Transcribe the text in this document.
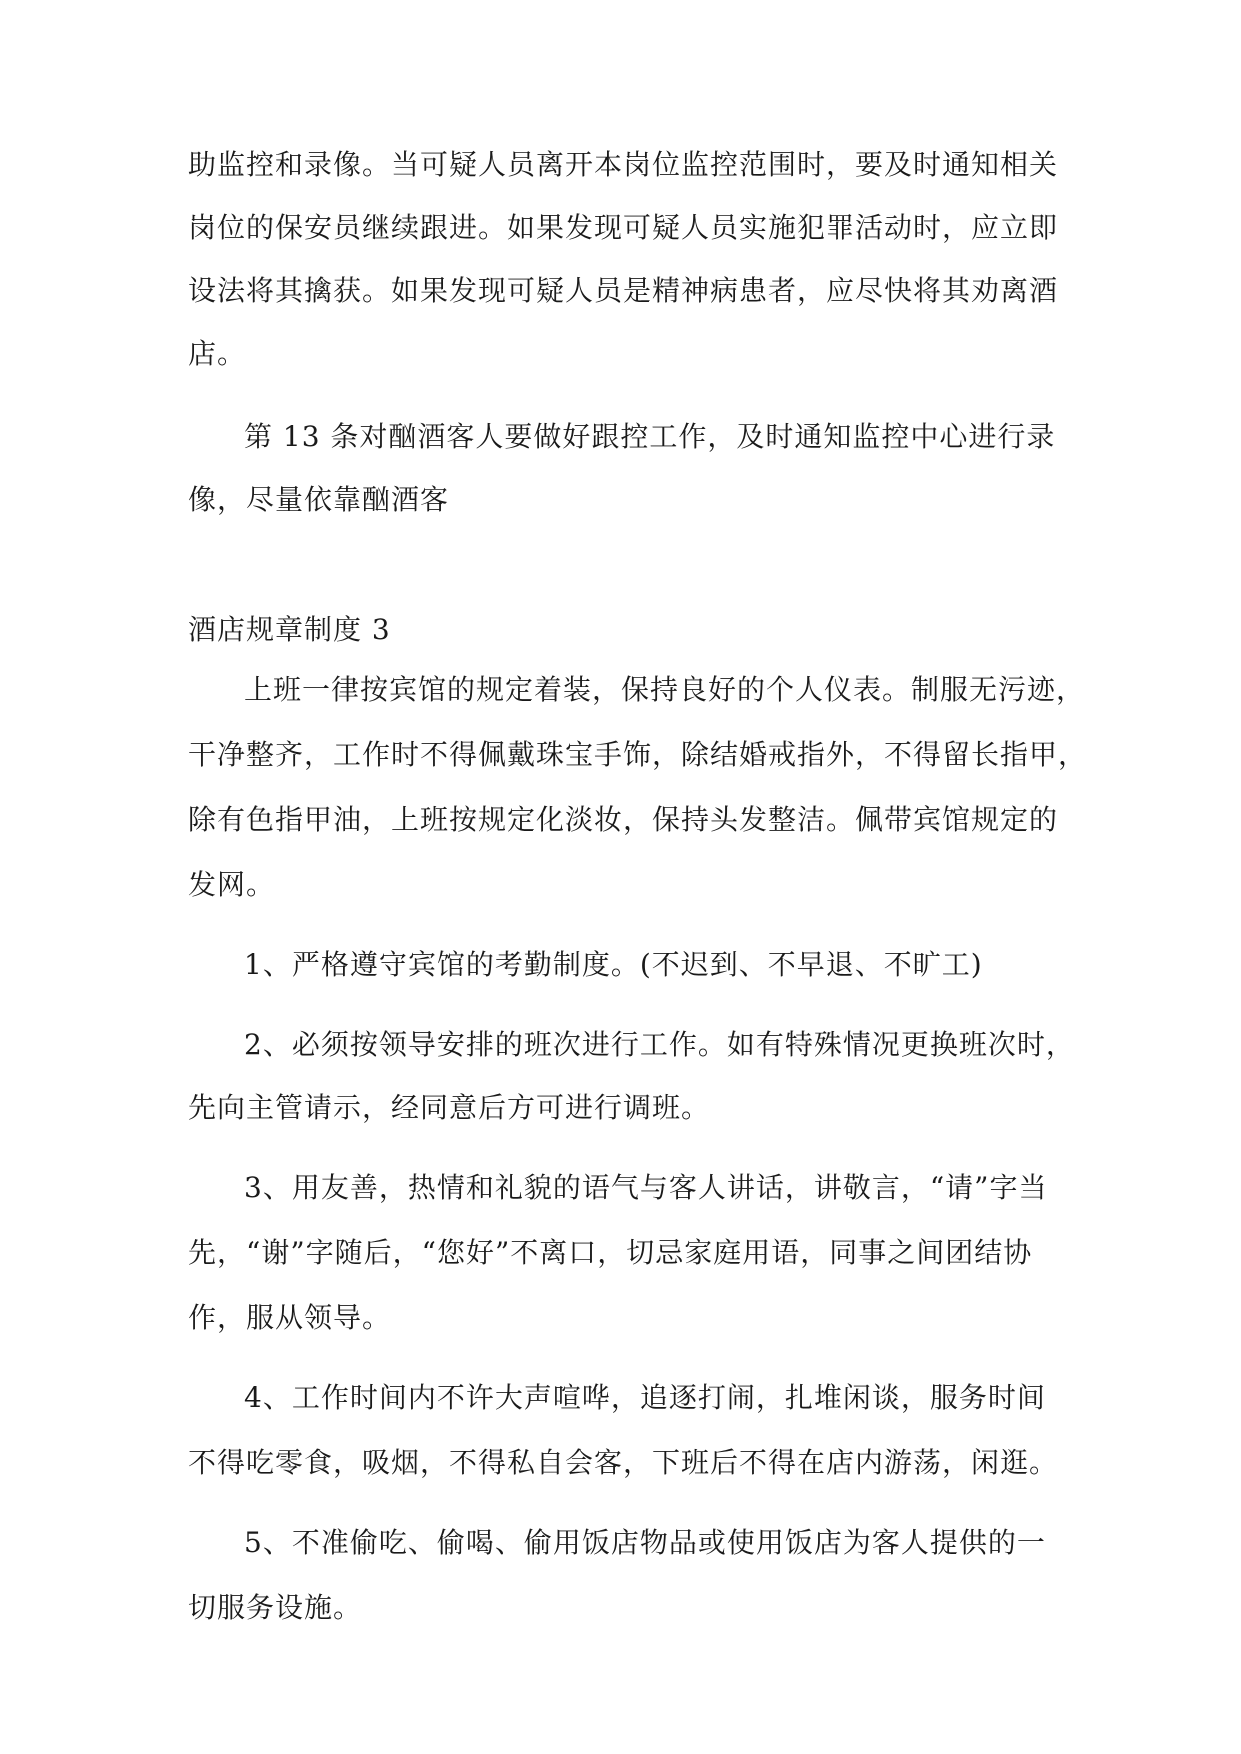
助监控和录像。当可疑人员离开本岗位监控范围时，要及时通知相关
岗位的保安员继续跟进。如果发现可疑人员实施犯罪活动时，应立即
设法将其擒获。如果发现可疑人员是精神病患者，应尽快将其劝离酒
店。
第 13 条对酗酒客人要做好跟控工作，及时通知监控中心进行录
像，尽量依靠酗酒客
酒店规章制度 3
上班一律按宾馆的规定着装，保持良好的个人仪表。制服无污迹，
干净整齐，工作时不得佩戴珠宝手饰，除结婚戒指外，不得留长指甲，
除有色指甲油，上班按规定化淡妆，保持头发整洁。佩带宾馆规定的
发网。
1、严格遵守宾馆的考勤制度。(不迟到、不早退、不旷工)
2、必须按领导安排的班次进行工作。如有特殊情况更换班次时，
先向主管请示，经同意后方可进行调班。
3、用友善，热情和礼貌的语气与客人讲话，讲敬言，“请”字当
先，“谢”字随后，“您好”不离口，切忌家庭用语，同事之间团结协
作，服从领导。
4、工作时间内不许大声喧哗，追逐打闹，扎堆闲谈，服务时间
不得吃零食，吸烟，不得私自会客，下班后不得在店内游荡，闲逛。
5、不准偷吃、偷喝、偷用饭店物品或使用饭店为客人提供的一
切服务设施。
